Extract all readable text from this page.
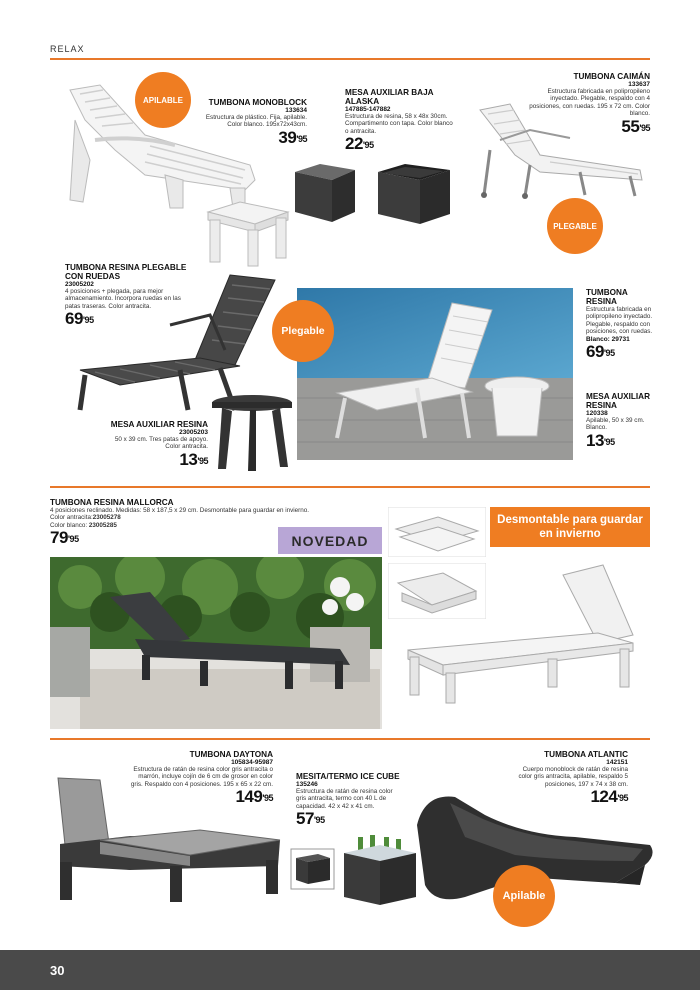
RELAX
APILABLE	TUMBONA MONOBLOCK
133634
Estructura de plástico. Fija, apilable. Color blanco. 195x72x43cm.
$39^{'95}$
MESA AUXILIAR BAJA ALASKA
147885-147882
Estructura de resina, 58 x 48x 30cm. Compartimento con tapa. Color blanco o antracita.
$22^{'95}$
TUMBONA CAIMÁN
133637
Estructura fabricada en polipropileno inyectado. Plegable, respaldo con 4 posiciones, con ruedas. 195 x 72 cm. Color blanco.
$55^{'95}$
PLEGABLE
TUMBONA RESINA PLEGABLE CON RUEDAS
23005202
4 posiciones + plegada, para mejor almacenamiento. Incorpora ruedas en las patas traseras. Color antracita.
$69^{'95}$
MESA AUXILIAR RESINA
23005203
50 x 39 cm. Tres patas de apoyo. Color antracita.
$13^{'95}$
Plegable
TUMBONA RESINA
Estructura fabricada en polipropileno inyectado. Plegable, respaldo con posiciones, con ruedas.
Blanco: 29731
$69^{'95}$
MESA AUXILIAR RESINA
120338
Apilable, 50 x 39 cm. Blanco.
$13^{'95}$
TUMBONA RESINA MALLORCA
4 posiciones reclinado. Medidas: 58 x 187,5 x 29 cm. Desmontable para guardar en invierno.
Color antracita:23005278
Color blanco: 23005285
$79^{'95}$	NOVEDAD
Desmontable para guardar en invierno
TUMBONA DAYTONA
105834-95987
Estructura de ratán de resina color gris antracita o marrón, incluye cojín de 6 cm de grosor en color gris. Respaldo con 4 posiciones. 195 x 65 x 22 cm.
$149^{'95}$
MESITA/TERMO ICE CUBE
135246
Estructura de ratán de resina color gris antracita, termo con 40 L de capacidad. 42 x 42 x 41 cm.
$57^{'95}$
TUMBONA ATLANTIC
142151
Cuerpo monoblock de ratán de resina color gris antracita, apilable, respaldo 5 posiciones, 197 x 74 x 38 cm.
$124^{'95}$
Apilable
30
